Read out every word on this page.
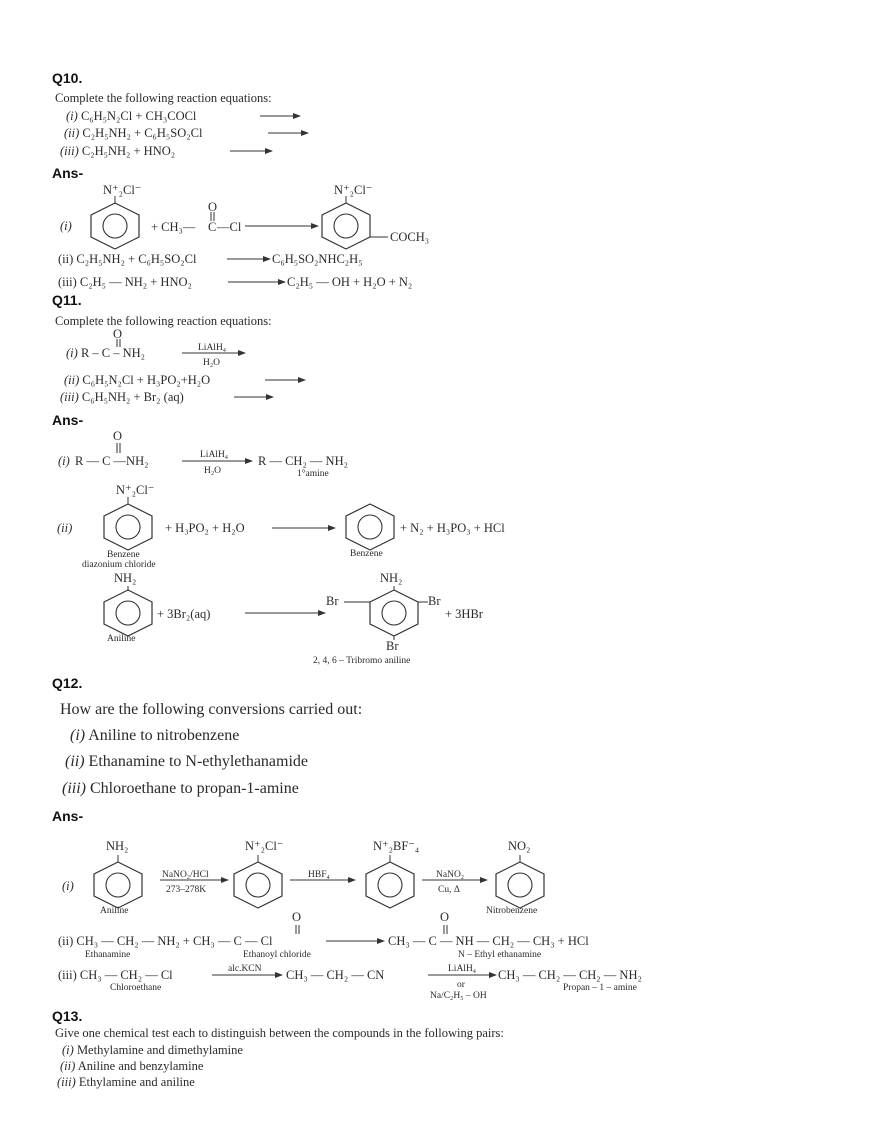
Q10.
Complete the following reaction equations:
(i) C₆H₅N₂Cl + CH₃COCl
(ii) C₂H₅NH₂ + C₆H₅SO₂Cl
(iii) C₂H₅NH₂ + HNO₂
Ans-
(i)
N⁺₂Cl⁻
+ CH₃— C
O
—Cl
N⁺₂Cl⁻
COCH₃
(ii) C₂H₅NH₂ + C₆H₅SO₂Cl	C₆H₅SO₂NHC₂H₅
(iii) C₂H₅ — NH₂ + HNO₂	C₂H₅ — OH + H₂O + N₂
Q11.
Complete the following reaction equations:
O
(i) R – C – NH₂	LiAlH₄
H₂O
(ii) C₆H₅N₂Cl + H₃PO₂+H₂O
(iii) C₆H₅NH₂ + Br₂ (aq)
Ans-
O
(i) R — C —NH₂	LiAlH₄
H₂O
R — CH₂ — NH₂
1°amine
N⁺₂Cl⁻
(ii)	+ H₃PO₂ + H₂O	+ N₂ + H₃PO₃ + HCl
Benzene
diazonium chloride
Benzene
NH₂
+ 3Br₂(aq)
Aniline
NH₂
Br	Br
Br
+ 3HBr
2, 4, 6 – Tribromo aniline
Q12.
How are the following conversions carried out:
(i) Aniline to nitrobenzene
(ii) Ethanamine to N-ethylethanamide
(iii) Chloroethane to propan-1-amine
Ans-
(i)
NH₂	N⁺₂Cl⁻	N⁺₂BF⁻₄	NO₂
NaNO₂/HCl
273–278K
HBF₄	NaNO₂
Cu, Δ
Aniline	Nitrobenzene
O	O
(ii) CH₃ — CH₂ — NH₂ + CH₃ — C — Cl	CH₃ — C — NH — CH₂ — CH₃ + HCl
Ethanamine	Ethanoyl chloride	N – Ethyl ethanamine
(iii) CH₃ — CH₂ — Cl	alc.KCN CH₃ — CH₂ — CN	LiAlH₄
or
Na/C₂H₅ – OH
CH₃ — CH₂ — CH₂ — NH₂
Chloroethane	Propan – 1 – amine
Q13.
Give one chemical test each to distinguish between the compounds in the following pairs:
(i) Methylamine and dimethylamine
(ii) Aniline and benzylamine
(iii) Ethylamine and aniline
